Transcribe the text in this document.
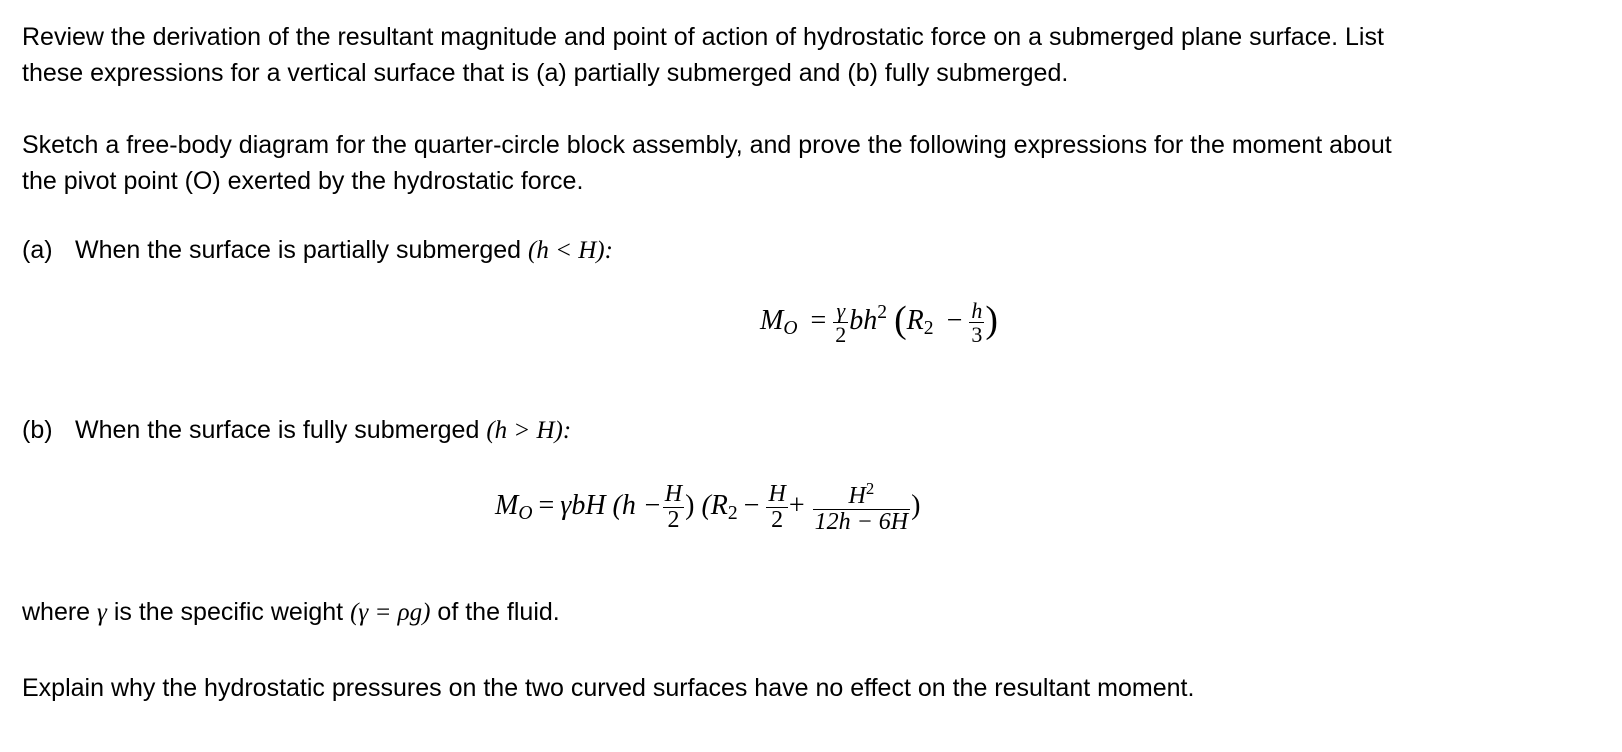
Review the derivation of the resultant magnitude and point of action of hydrostatic force on a submerged plane surface. List
these expressions for a vertical surface that is (a) partially submerged and (b) fully submerged.
Sketch a free-body diagram for the quarter-circle block assembly, and prove the following expressions for the moment about
the pivot point (O) exerted by the hydrostatic force.
(a) When the surface is partially submerged (h < H):
$M_O = \frac{\gamma}{2} bh^2$ ($R_2 - \frac{h}{3}$ )
(b) When the surface is fully submerged (h > H):
$M_O = \gamma bH$ ($h - \frac{H}{2}$ ) ($R_2 - \frac{H}{2} + \frac{H^2}{12h - 6H}$ )
where γ is the specific weight (γ = ρg) of the fluid.
Explain why the hydrostatic pressures on the two curved surfaces have no effect on the resultant moment.
